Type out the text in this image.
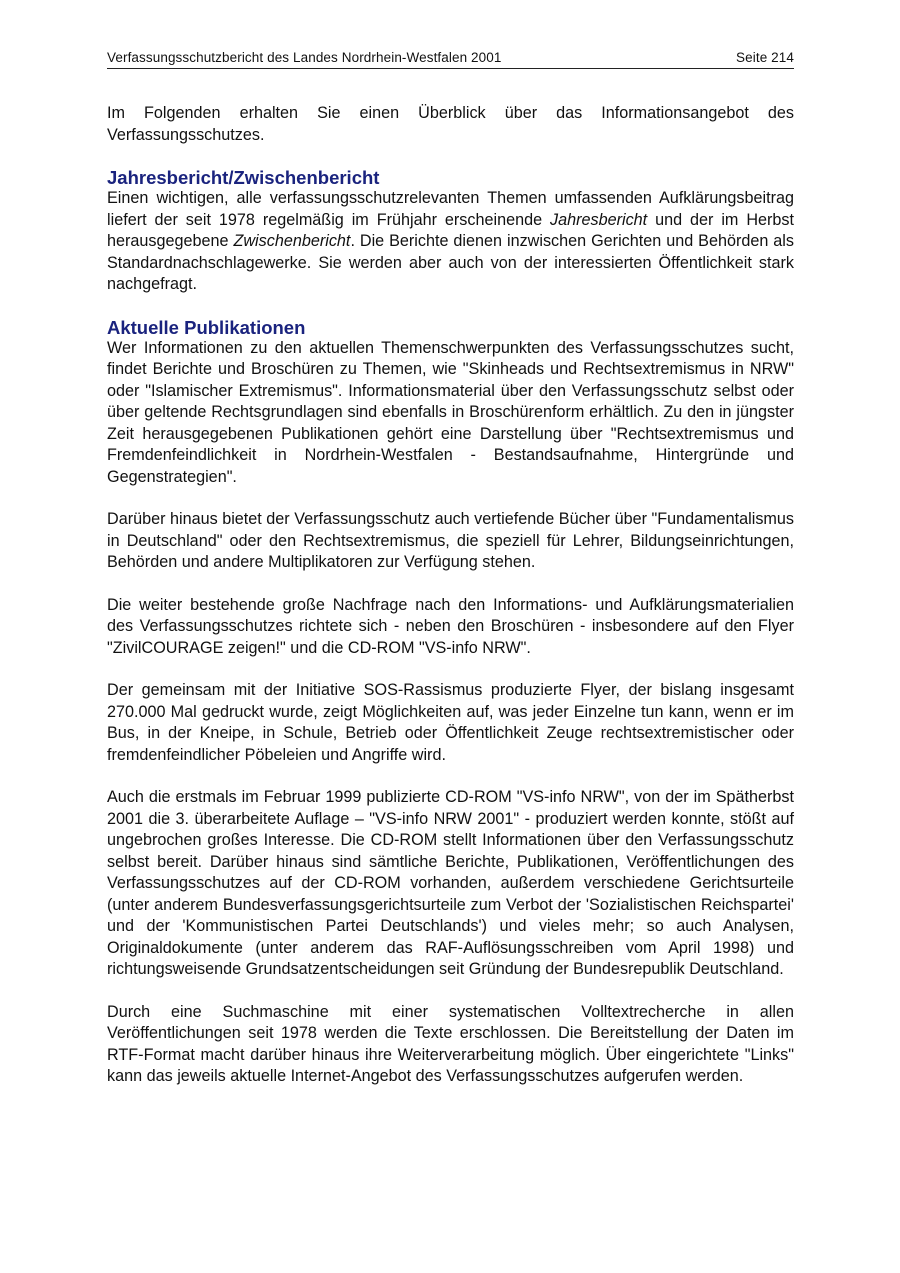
Verfassungsschutzbericht des Landes Nordrhein-Westfalen 2001	Seite 214

Im Folgenden erhalten Sie einen Überblick über das Informationsangebot des Verfassungsschutzes.

Jahresbericht/Zwischenbericht

Einen wichtigen, alle verfassungsschutzrelevanten Themen umfassenden Aufklärungsbeitrag liefert der seit 1978 regelmäßig im Frühjahr erscheinende Jahresbericht und der im Herbst herausgegebene Zwischenbericht. Die Berichte dienen inzwischen Gerichten und Behörden als Standardnachschlagewerke. Sie werden aber auch von der interessierten Öffentlichkeit stark nachgefragt.

Aktuelle Publikationen

Wer Informationen zu den aktuellen Themenschwerpunkten des Verfassungsschutzes sucht, findet Berichte und Broschüren zu Themen, wie "Skinheads und Rechtsextremismus in NRW" oder "Islamischer Extremismus". Informationsmaterial über den Verfassungsschutz selbst oder über geltende Rechtsgrundlagen sind ebenfalls in Broschürenform erhältlich. Zu den in jüngster Zeit herausgegebenen Publikationen gehört eine Darstellung über "Rechtsextremismus und Fremdenfeindlichkeit in Nordrhein-Westfalen - Bestandsaufnahme, Hintergründe und Gegenstrategien".

Darüber hinaus bietet der Verfassungsschutz auch vertiefende Bücher über "Fundamentalismus in Deutschland" oder den Rechtsextremismus, die speziell für Lehrer, Bildungseinrichtungen, Behörden und andere Multiplikatoren zur Verfügung stehen.

Die weiter bestehende große Nachfrage nach den Informations- und Aufklärungsmaterialien des Verfassungsschutzes richtete sich - neben den Broschüren - insbesondere auf den Flyer "ZivilCOURAGE zeigen!" und die CD-ROM "VS-info NRW".

Der gemeinsam mit der Initiative SOS-Rassismus produzierte Flyer, der bislang insgesamt 270.000 Mal gedruckt wurde, zeigt Möglichkeiten auf, was jeder Einzelne tun kann, wenn er im Bus, in der Kneipe, in Schule, Betrieb oder Öffentlichkeit Zeuge rechtsextremistischer oder fremdenfeindlicher Pöbeleien und Angriffe wird.

Auch die erstmals im Februar 1999 publizierte CD-ROM "VS-info NRW", von der im Spätherbst 2001 die 3. überarbeitete Auflage – "VS-info NRW 2001" - produziert werden konnte, stößt auf ungebrochen großes Interesse. Die CD-ROM stellt Informationen über den Verfassungsschutz selbst bereit. Darüber hinaus sind sämtliche Berichte, Publikationen, Veröffentlichungen des Verfassungsschutzes auf der CD-ROM vorhanden, außerdem verschiedene Gerichtsurteile (unter anderem Bundesverfassungsgerichtsurteile zum Verbot der 'Sozialistischen Reichspartei' und der 'Kommunistischen Partei Deutschlands') und vieles mehr; so auch Analysen, Originaldokumente (unter anderem das RAF-Auflösungsschreiben vom April 1998) und richtungsweisende Grundsatzentscheidungen seit Gründung der Bundesrepublik Deutschland.

Durch eine Suchmaschine mit einer systematischen Volltextrecherche in allen Veröffentlichungen seit 1978 werden die Texte erschlossen. Die Bereitstellung der Daten im RTF-Format macht darüber hinaus ihre Weiterverarbeitung möglich. Über eingerichtete "Links" kann das jeweils aktuelle Internet-Angebot des Verfassungsschutzes aufgerufen werden.
